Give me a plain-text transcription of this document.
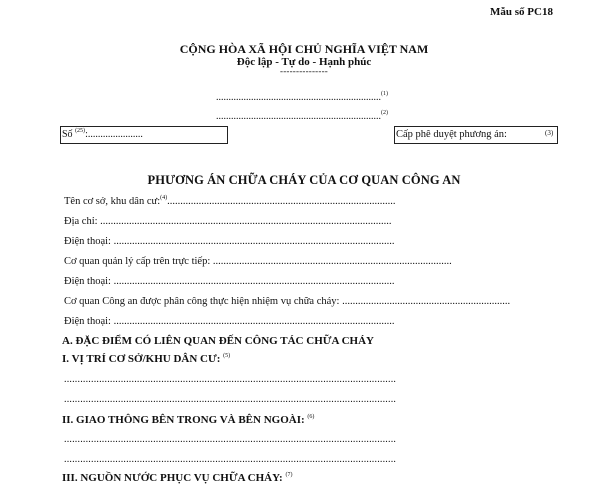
Mẫu số PC18
CỘNG HÒA XÃ HỘI CHỦ NGHĨA VIỆT NAM
Độc lập - Tự do - Hạnh phúc
---------------
..................................................................$^{(1)}$
..................................................................$^{(2)}$
Số $^{(25)}$:......................	Cấp phê duyệt phương án:	(3)
PHƯƠNG ÁN CHỮA CHÁY CỦA CƠ QUAN CÔNG AN
Tên cơ sở, khu dân cư:$^{(4)}$.......................................................................................
Địa chỉ: ...............................................................................................................
Điện thoại: ...........................................................................................................
Cơ quan quản lý cấp trên trực tiếp: ...........................................................................................
Điện thoại: ...........................................................................................................
Cơ quan Công an được phân công thực hiện nhiệm vụ chữa cháy: ................................................................
Điện thoại: ...........................................................................................................
A. ĐẶC ĐIỂM CÓ LIÊN QUAN ĐẾN CÔNG TÁC CHỮA CHÁY
I. VỊ TRÍ CƠ SỞ/KHU DÂN CƯ: $^{(5)}$
...........................................................................................................................
...........................................................................................................................
II. GIAO THÔNG BÊN TRONG VÀ BÊN NGOÀI: $^{(6)}$
...........................................................................................................................
...........................................................................................................................
III. NGUỒN NƯỚC PHỤC VỤ CHỮA CHÁY: $^{(7)}$
